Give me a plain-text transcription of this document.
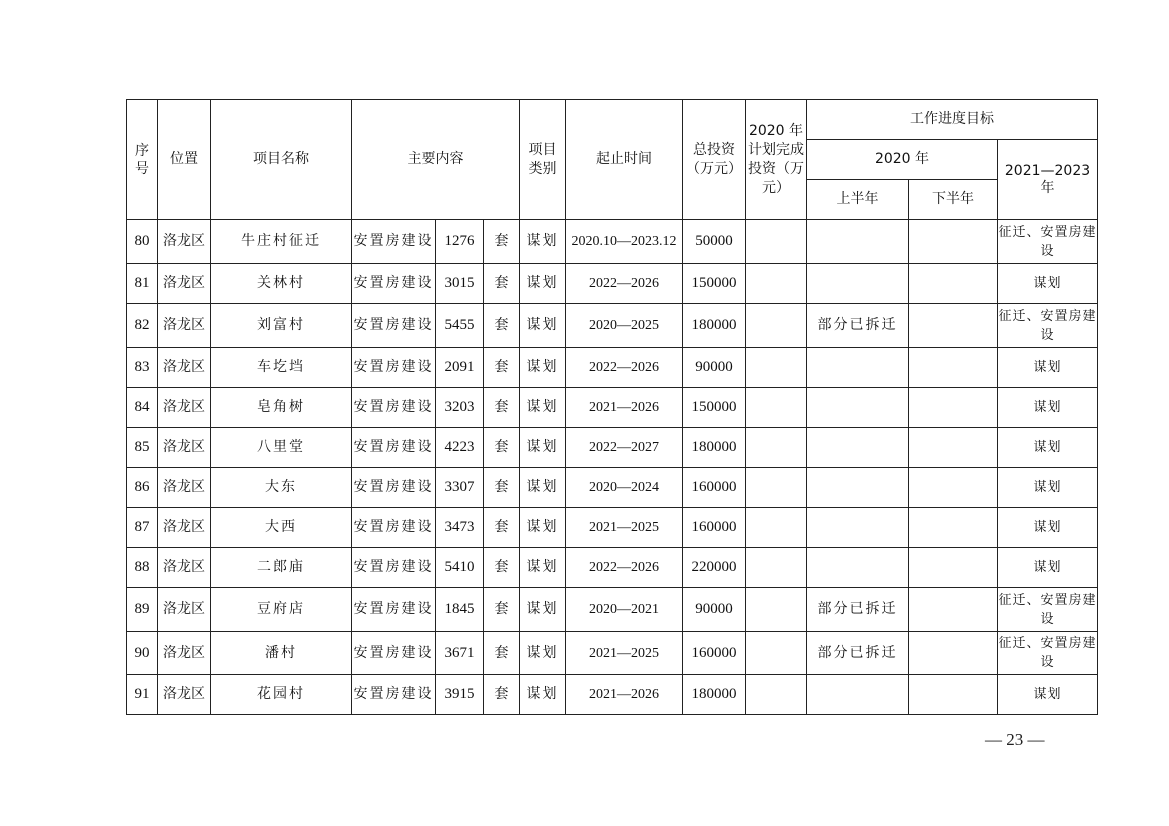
序号	位置	项目名称	主要内容			项目类别	起止时间	总投资（万元）	2020 年计划完成投资（万元）	工作进度目标		
										2020 年		2021—2023 年
										上半年	下半年	
80	洛龙区	牛庄村征迁	安置房建设	1276	套	谋划	2020.10—2023.12	50000				征迁、安置房建设
81	洛龙区	关林村	安置房建设	3015	套	谋划	2022—2026	150000				谋划
82	洛龙区	刘富村	安置房建设	5455	套	谋划	2020—2025	180000		部分已拆迁		征迁、安置房建设
83	洛龙区	车圪垱	安置房建设	2091	套	谋划	2022—2026	90000				谋划
84	洛龙区	皂角树	安置房建设	3203	套	谋划	2021—2026	150000				谋划
85	洛龙区	八里堂	安置房建设	4223	套	谋划	2022—2027	180000				谋划
86	洛龙区	大东	安置房建设	3307	套	谋划	2020—2024	160000				谋划
87	洛龙区	大西	安置房建设	3473	套	谋划	2021—2025	160000				谋划
88	洛龙区	二郎庙	安置房建设	5410	套	谋划	2022—2026	220000				谋划
89	洛龙区	豆府店	安置房建设	1845	套	谋划	2020—2021	90000		部分已拆迁		征迁、安置房建设
90	洛龙区	潘村	安置房建设	3671	套	谋划	2021—2025	160000		部分已拆迁		征迁、安置房建设
91	洛龙区	花园村	安置房建设	3915	套	谋划	2021—2026	180000				谋划
— 23 —
